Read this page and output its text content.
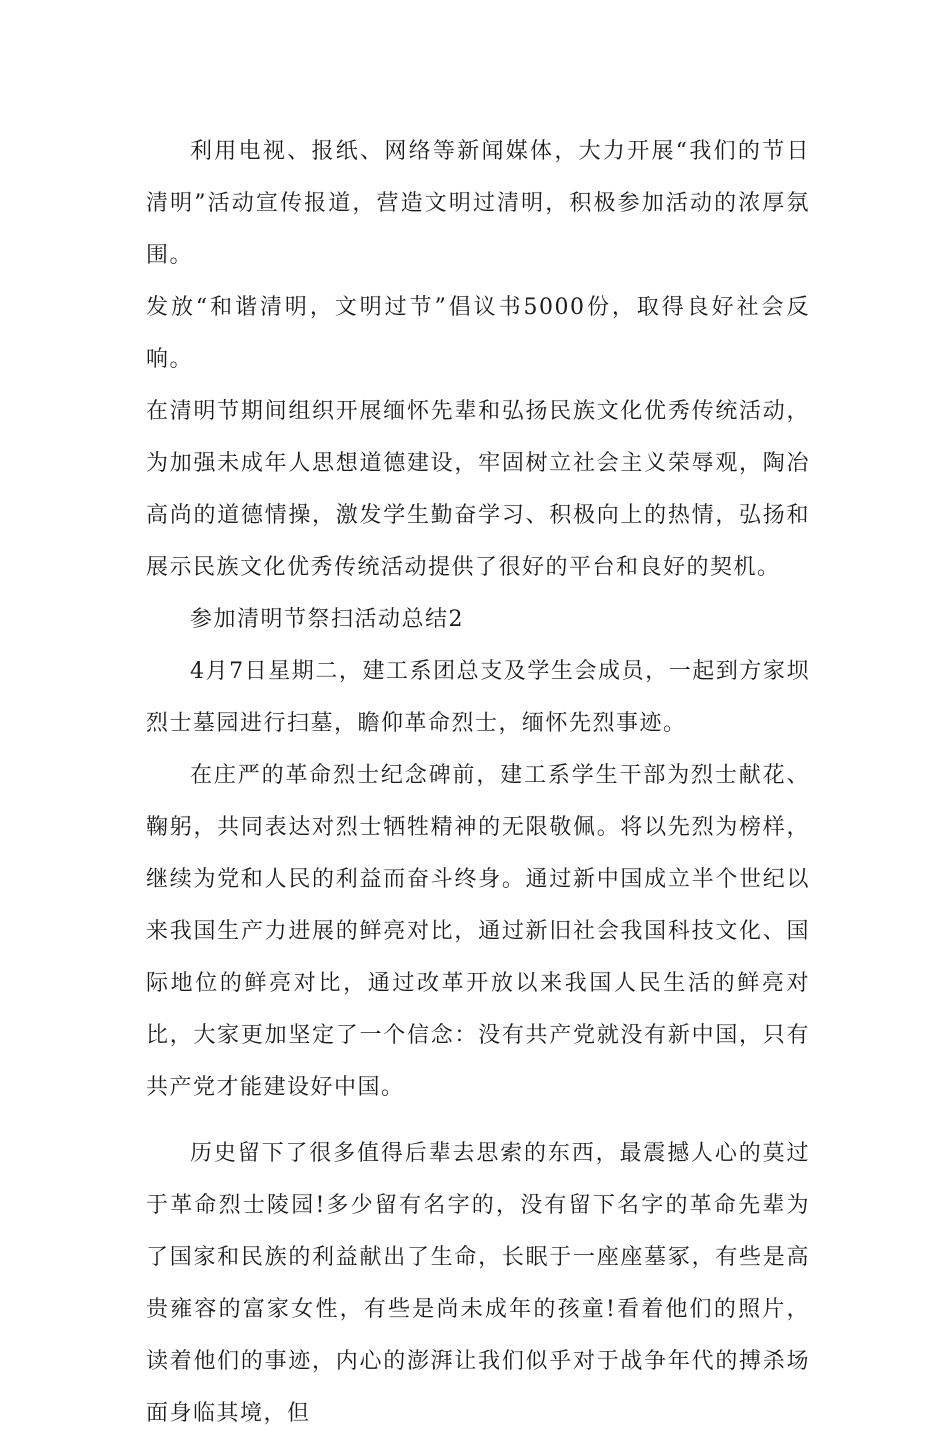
利用电视、报纸、网络等新闻媒体，大力开展“我们的节日清明”活动宣传报道，营造文明过清明，积极参加活动的浓厚氛围。

发放“和谐清明，文明过节”倡议书5000份，取得良好社会反响。

在清明节期间组织开展缅怀先辈和弘扬民族文化优秀传统活动，为加强未成年人思想道德建设，牢固树立社会主义荣辱观，陶冶高尚的道德情操，激发学生勤奋学习、积极向上的热情，弘扬和展示民族文化优秀传统活动提供了很好的平台和良好的契机。

参加清明节祭扫活动总结2

4月7日星期二，建工系团总支及学生会成员，一起到方家坝烈士墓园进行扫墓，瞻仰革命烈士，缅怀先烈事迹。

在庄严的革命烈士纪念碑前，建工系学生干部为烈士献花、鞠躬，共同表达对烈士牺牲精神的无限敬佩。将以先烈为榜样，继续为党和人民的利益而奋斗终身。通过新中国成立半个世纪以来我国生产力进展的鲜亮对比，通过新旧社会我国科技文化、国际地位的鲜亮对比，通过改革开放以来我国人民生活的鲜亮对比，大家更加坚定了一个信念：没有共产党就没有新中国，只有共产党才能建设好中国。

历史留下了很多值得后辈去思索的东西，最震撼人心的莫过于革命烈士陵园!多少留有名字的，没有留下名字的革命先辈为了国家和民族的利益献出了生命，长眠于一座座墓冢，有些是高贵雍容的富家女性，有些是尚未成年的孩童!看着他们的照片，读着他们的事迹，内心的澎湃让我们似乎对于战争年代的搏杀场面身临其境，但
